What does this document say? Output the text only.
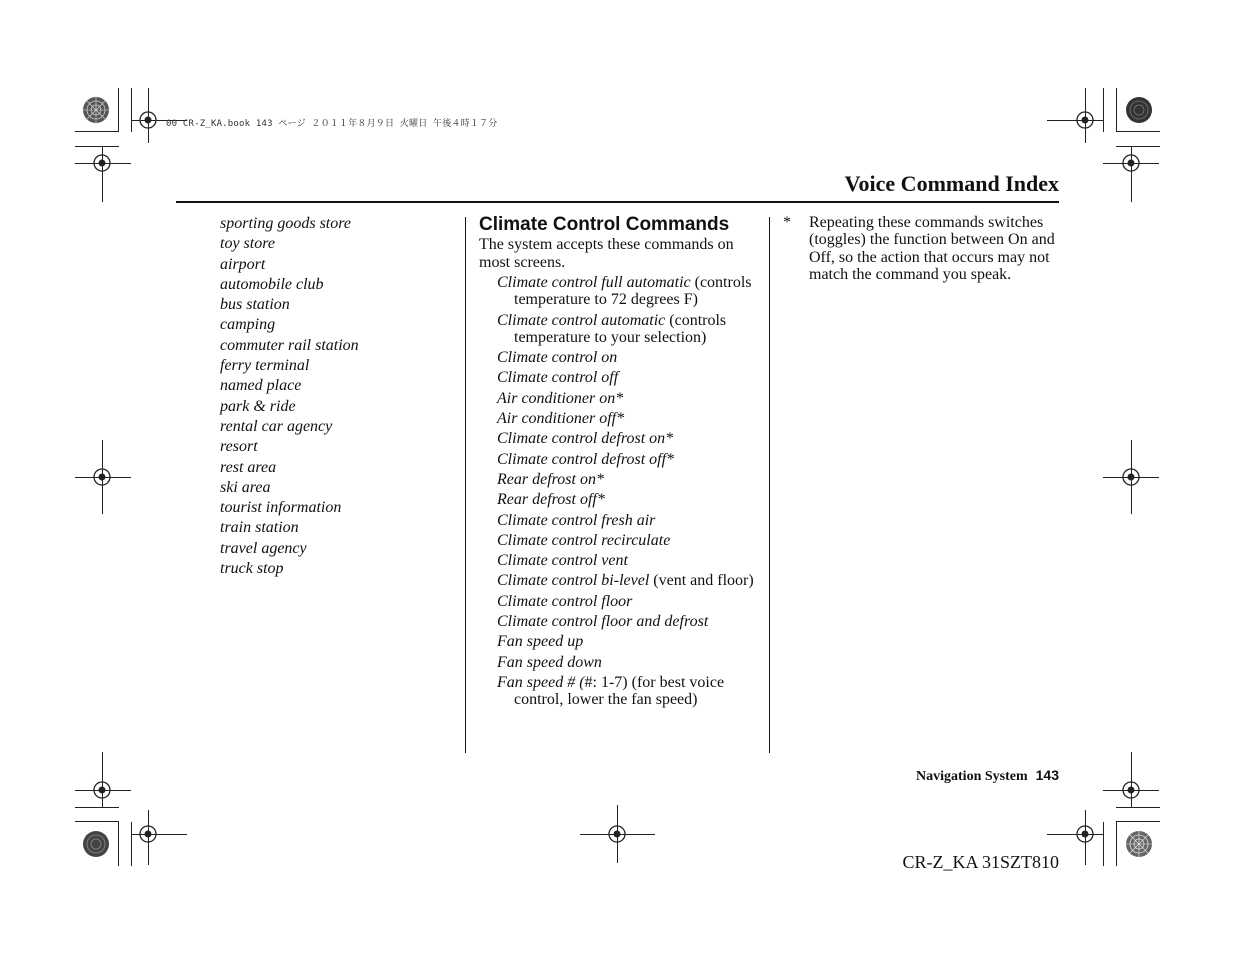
00 CR-Z_KA.book 143 ページ ２０１１年８月９日 火曜日 午後４時１７分
Voice Command Index
sporting goods store
toy store
airport
automobile club
bus station
camping
commuter rail station
ferry terminal
named place
park & ride
rental car agency
resort
rest area
ski area
tourist information
train station
travel agency
truck stop
Climate Control Commands

The system accepts these commands on most screens.

Climate control full automatic (controls temperature to 72 degrees F)
Climate control automatic (controls temperature to your selection)
Climate control on
Climate control off
Air conditioner on*
Air conditioner off*
Climate control defrost on*
Climate control defrost off*
Rear defrost on*
Rear defrost off*
Climate control fresh air
Climate control recirculate
Climate control vent
Climate control bi-level (vent and floor)
Climate control floor
Climate control floor and defrost
Fan speed up
Fan speed down
Fan speed # (#: 1-7) (for best voice control, lower the fan speed)
* Repeating these commands switches (toggles) the function between On and Off, so the action that occurs may not match the command you speak.
Navigation System 143
CR-Z_KA 31SZT810
